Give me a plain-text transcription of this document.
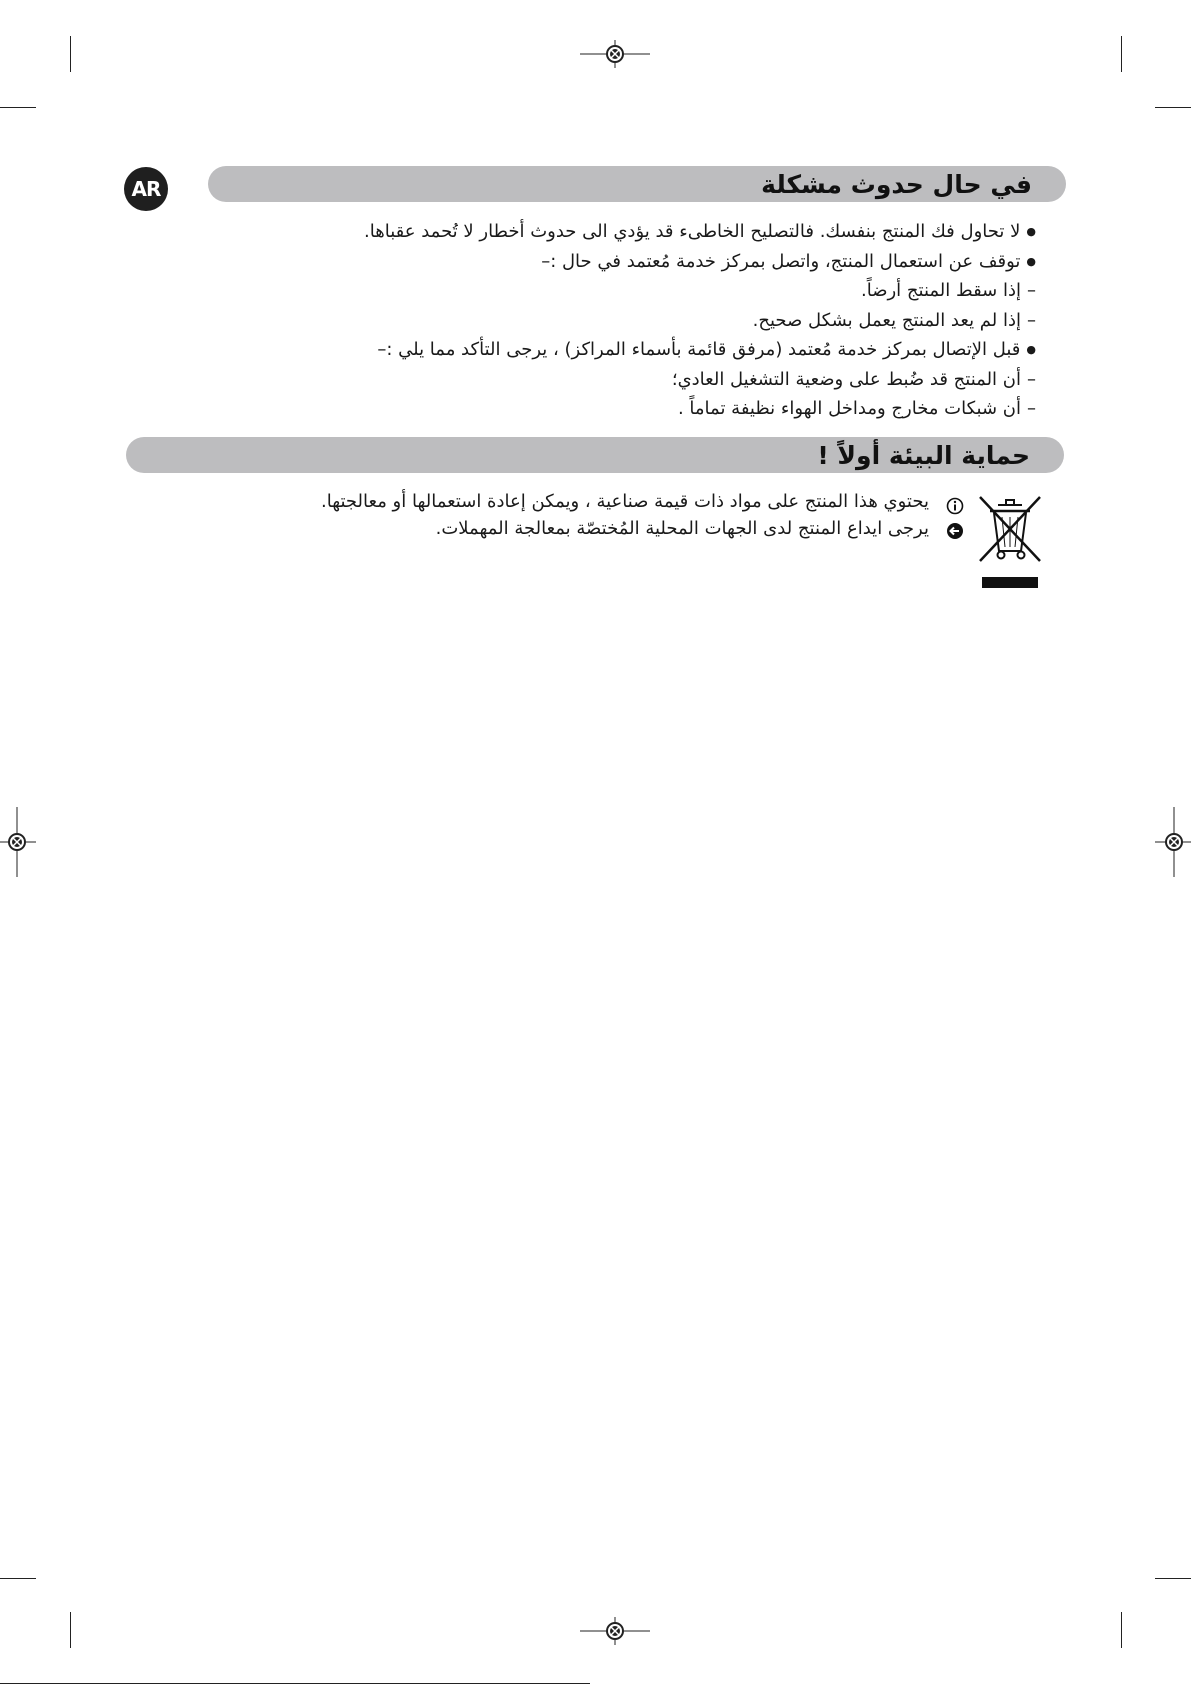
AR	في حال حدوث مشكلة
● لا تحاول فك المنتج بنفسك. فالتصليح الخاطىء قد يؤدي الى حدوث أخطار لا تُحمد عقباها.
● توقف عن استعمال المنتج، واتصل بمركز خدمة مُعتمد في حال :–
– إذا سقط المنتج أرضاً.
– إذا لم يعد المنتج يعمل بشكل صحيح.
● قبل الإتصال بمركز خدمة مُعتمد (مرفق قائمة بأسماء المراكز) ، يرجى التأكد مما يلي :–
– أن المنتج قد ضُبط على وضعية التشغيل العادي؛
– أن شبكات مخارج ومداخل الهواء نظيفة تماماً .
حماية البيئة أولاً !
يحتوي هذا المنتج على مواد ذات قيمة صناعية ، ويمكن إعادة استعمالها أو معالجتها.
يرجى ايداع المنتج لدى الجهات المحلية المُختصّة بمعالجة المهملات.
